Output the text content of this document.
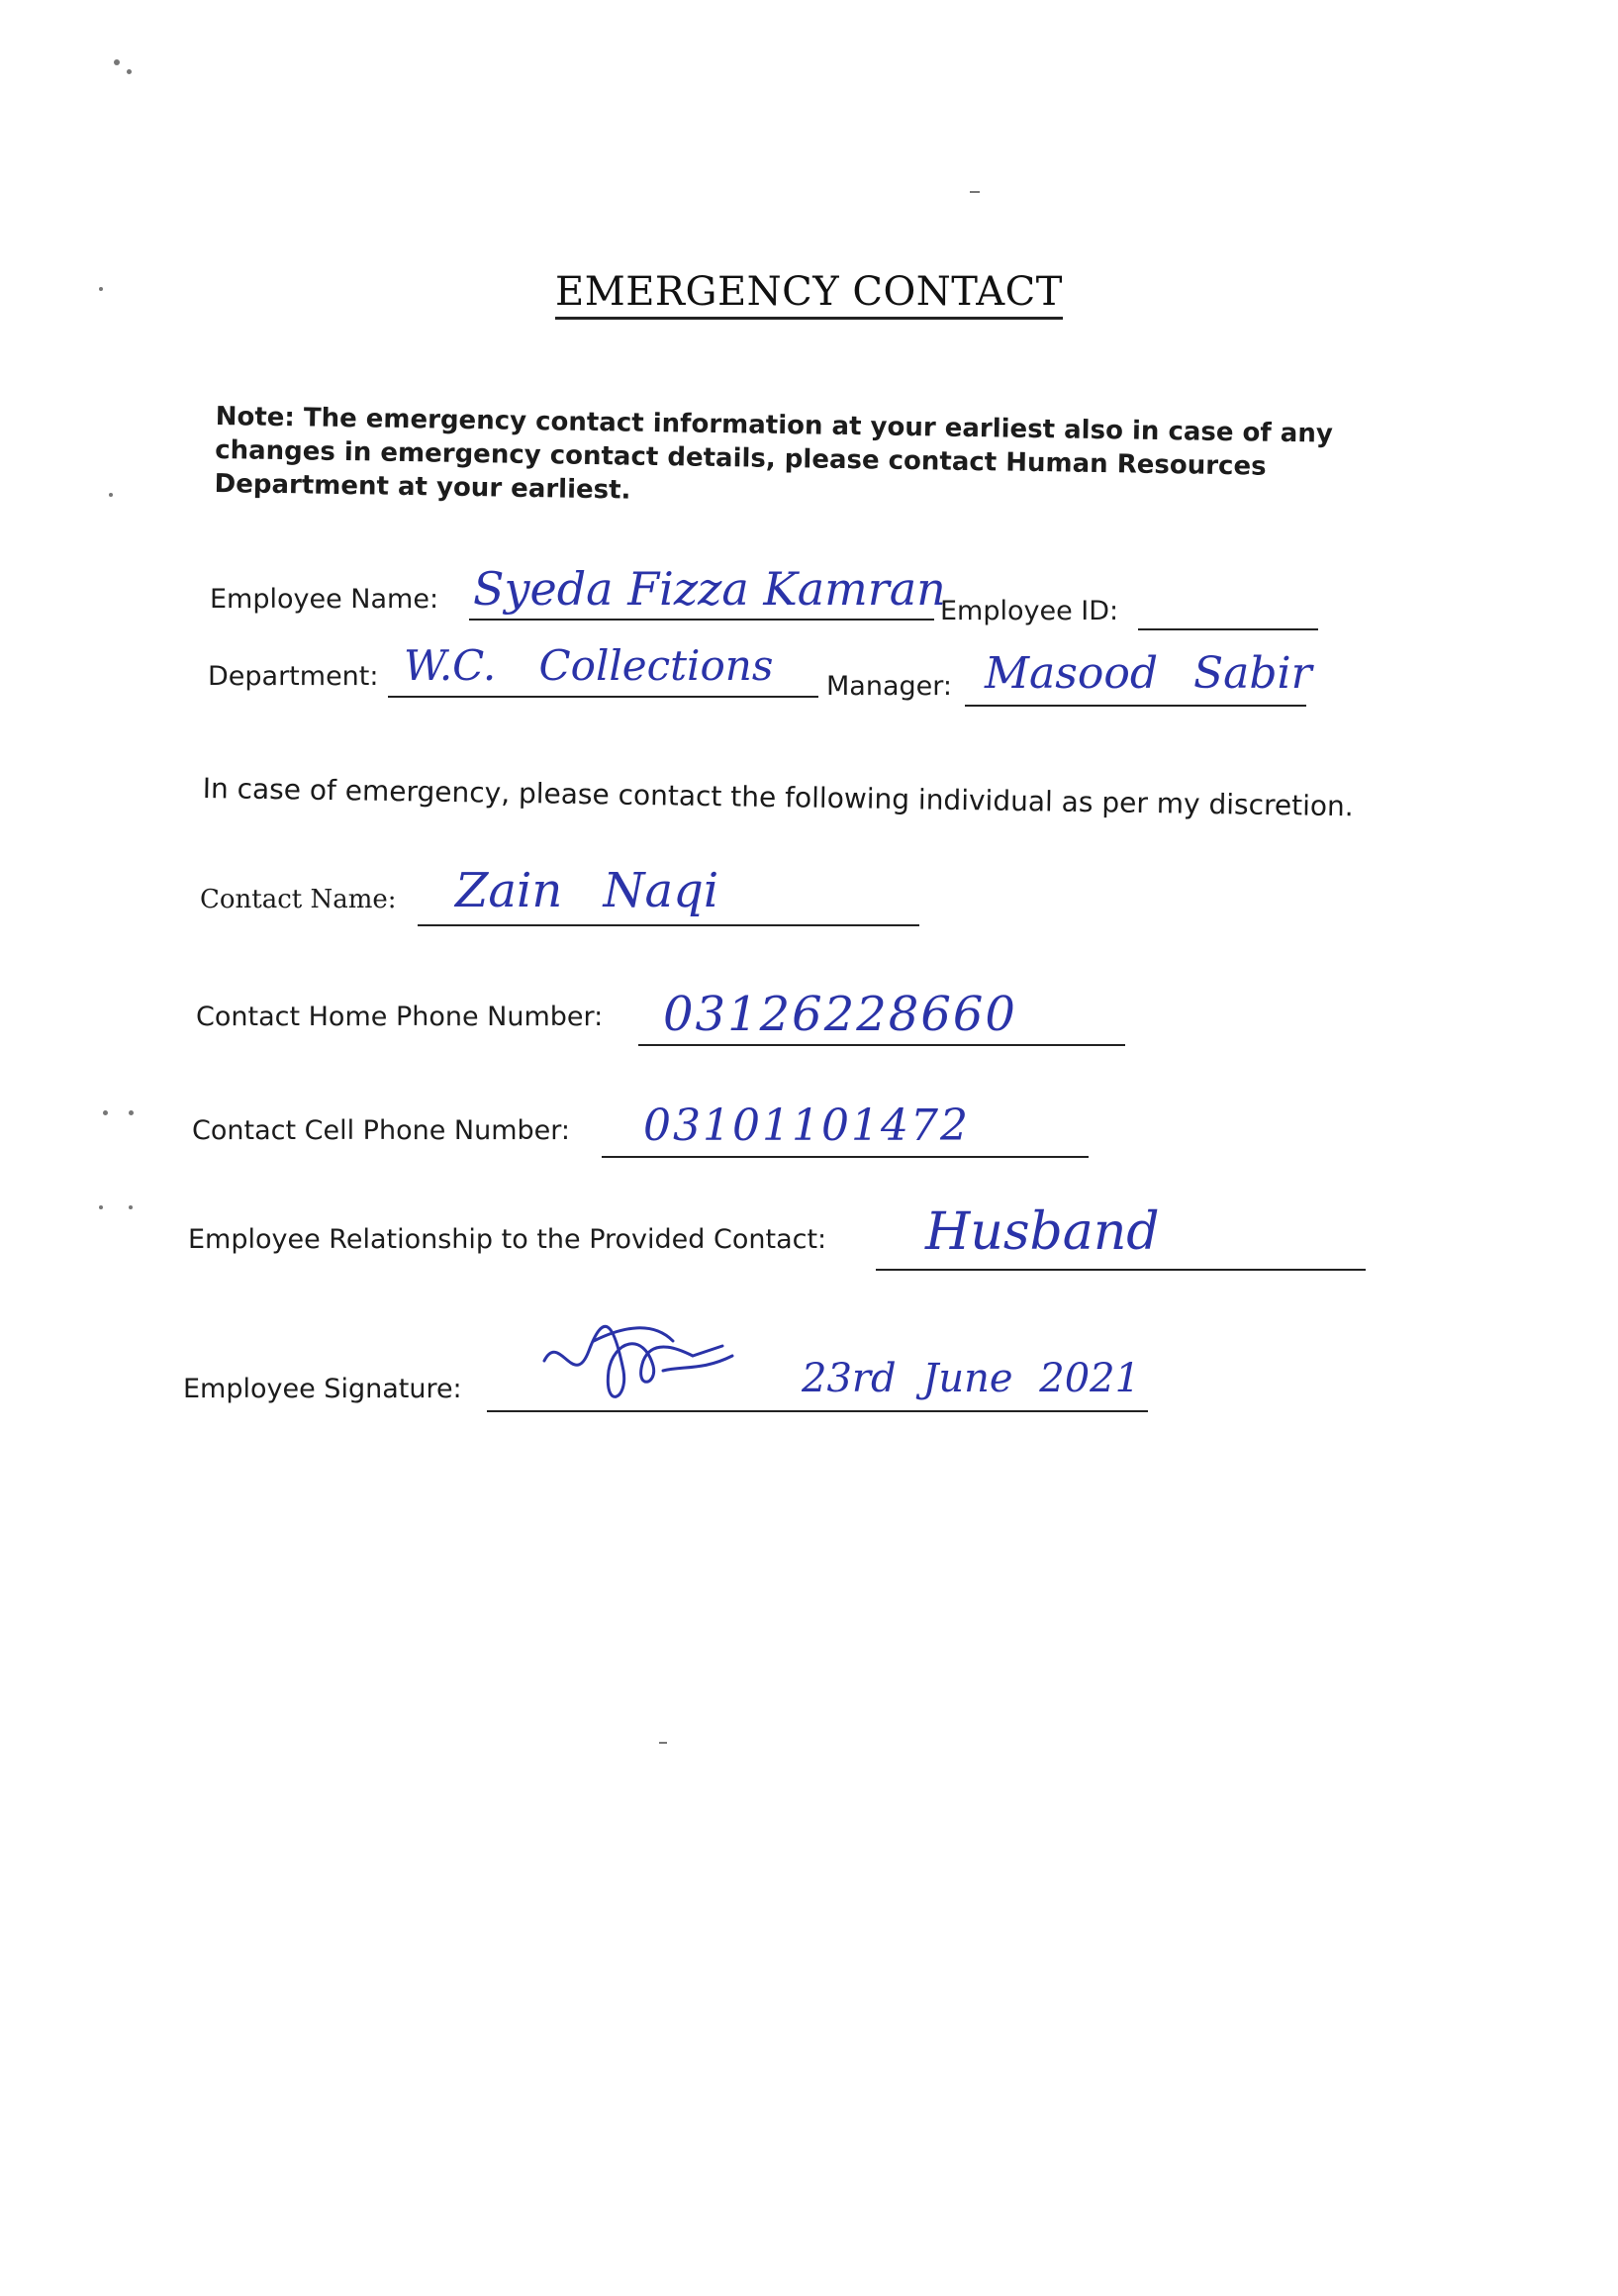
EMERGENCY CONTACT
Note: The emergency contact information at your earliest also in case of any changes in emergency contact details, please contact Human Resources Department at your earliest.
Employee Name: Syeda Fizza Kamran
Employee ID:
Department: W.C. Collections Manager: Masood Sabir
In case of emergency, please contact the following individual as per my discretion.
Contact Name: Zain Naqi
Contact Home Phone Number: 03126228660
Contact Cell Phone Number: 03101101472
Employee Relationship to the Provided Contact: Husband
Employee Signature:	23rd June 2021
